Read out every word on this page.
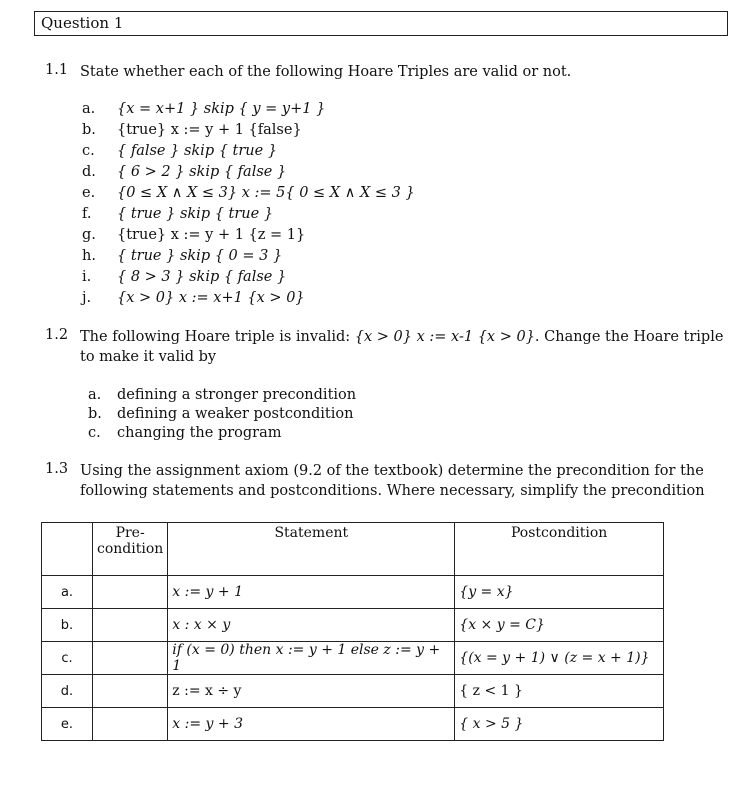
Question 1
1.1 State whether each of the following Hoare Triples are valid or not.
a. {x = x+1 } skip { y = y+1 }
b. {true} x := y + 1 {false}
c. { false } skip { true }
d. { 6 > 2 } skip { false }
e. {0 ≤ X ∧ X ≤ 3} x := 5{ 0 ≤ X ∧ X ≤ 3 }
f. { true } skip { true }
g. {true} x := y + 1 {z = 1}
h. { true } skip { 0 = 3 }
i. { 8 > 3 } skip { false }
j. {x > 0} x := x+1 {x > 0}
1.2 The following Hoare triple is invalid: {x > 0} x := x-1 {x > 0}. Change the Hoare triple to make it valid by
a. defining a stronger precondition
b. defining a weaker postcondition
c. changing the program
1.3 Using the assignment axiom (9.2 of the textbook) determine the precondition for the following statements and postconditions. Where necessary, simplify the precondition
	Pre-
condition	Statement	Postcondition
a.		x := y + 1	{y = x}
b.		x : x × y	{x × y = C}
c.		if (x = 0) then x := y + 1 else z := y + 1	{(x = y + 1) ∨ (z = x + 1)}
d.		z := x ÷ y	{ z < 1 }
e.		x := y + 3	{ x > 5 }
